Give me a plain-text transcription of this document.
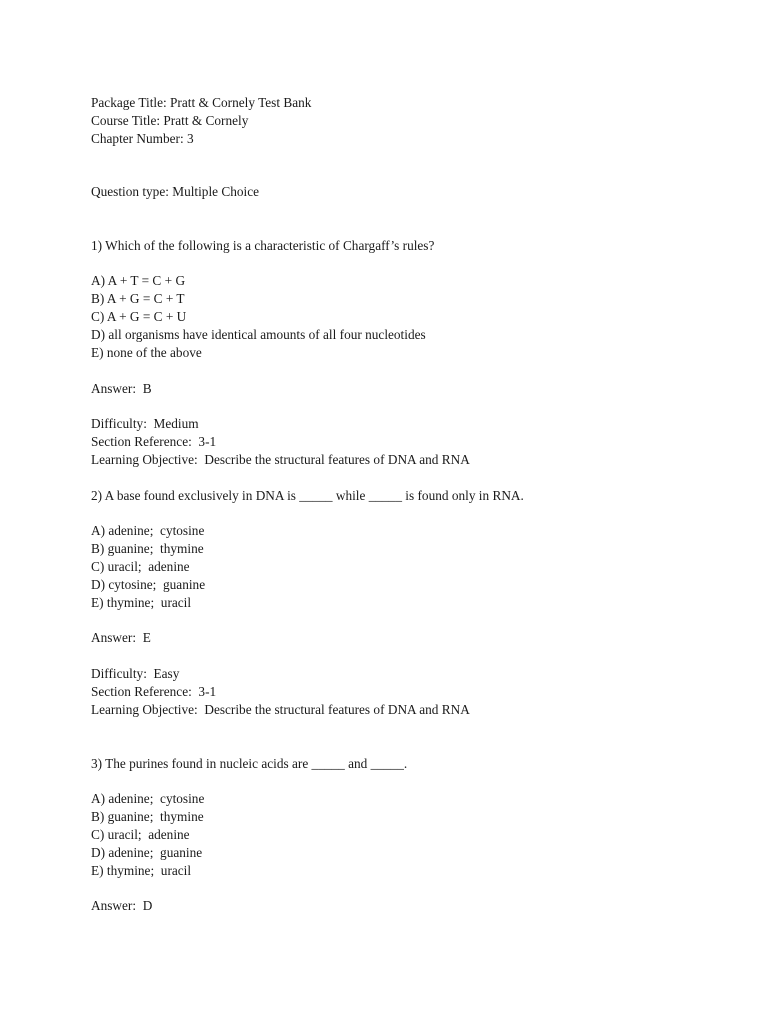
Package Title: Pratt & Cornely Test Bank
Course Title: Pratt & Cornely
Chapter Number: 3
Question type: Multiple Choice
1) Which of the following is a characteristic of Chargaff’s rules?
A) A + T = C + G
B) A + G = C + T
C) A + G = C + U
D) all organisms have identical amounts of all four nucleotides
E) none of the above
Answer:  B
Difficulty:  Medium
Section Reference:  3-1
Learning Objective:  Describe the structural features of DNA and RNA
2) A base found exclusively in DNA is _____ while _____ is found only in RNA.
A) adenine;  cytosine
B) guanine;  thymine
C) uracil;  adenine
D) cytosine;  guanine
E) thymine;  uracil
Answer:  E
Difficulty:  Easy
Section Reference:  3-1
Learning Objective:  Describe the structural features of DNA and RNA
3) The purines found in nucleic acids are _____ and _____.
A) adenine;  cytosine
B) guanine;  thymine
C) uracil;  adenine
D) adenine;  guanine
E) thymine;  uracil
Answer:  D
